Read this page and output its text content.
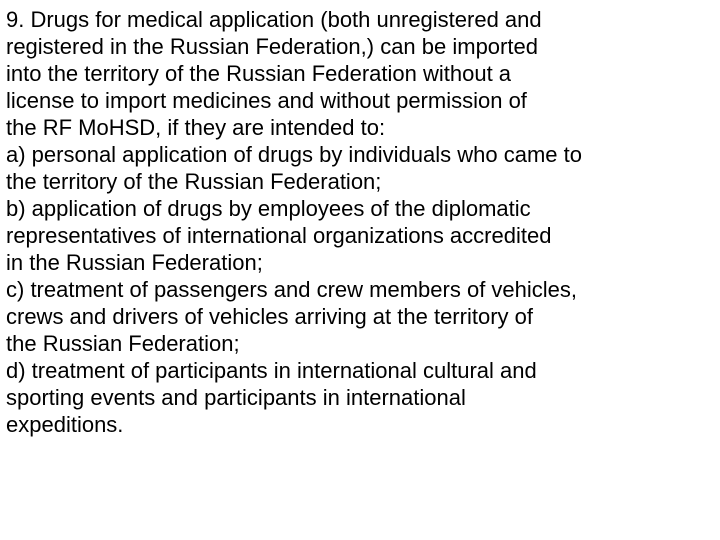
9. Drugs for medical application (both unregistered and
registered in the Russian Federation,) can be imported
into the territory of the Russian Federation without a
license to import medicines and without permission of
the RF MoHSD, if they are intended to:

a) personal application of drugs by individuals who came to
the territory of the Russian Federation;

b) application of drugs by employees of the diplomatic
representatives of international organizations accredited
in the Russian Federation;

c) treatment of passengers and crew members of vehicles,
crews and drivers of vehicles arriving at the territory of
the Russian Federation;

d) treatment of participants in international cultural and
sporting events and participants in international
expeditions.
